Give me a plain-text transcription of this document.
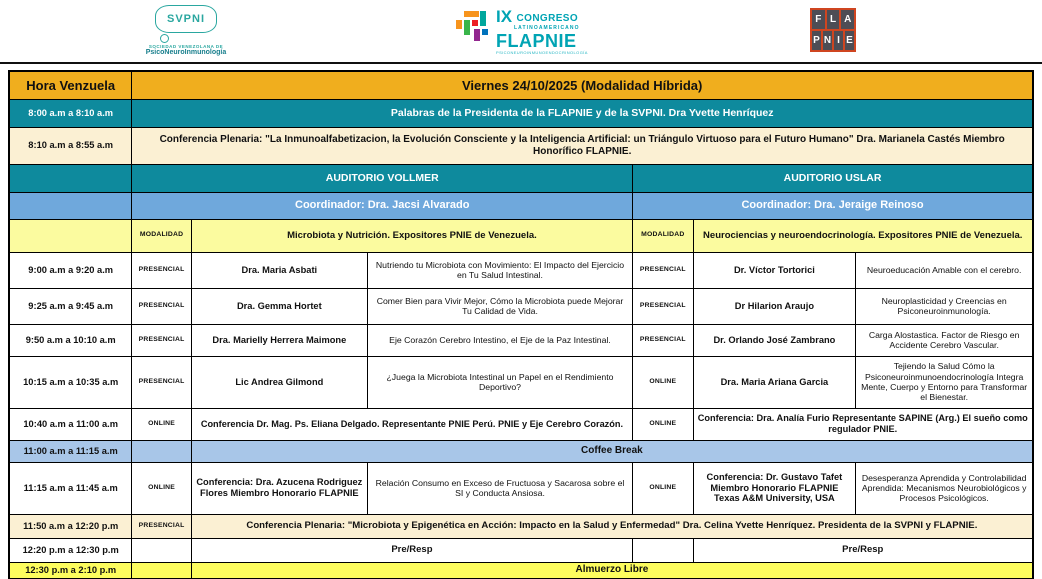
SVPNI
SOCIEDAD VENEZOLANA DE
PsicoNeuroInmunología
IX CONGRESO
LATINOAMERICANO
FLAPNIE
PSICONEUROINMUNOENDOCRINOLOGÍA
F L A
P N I E
Hora Venzuela	Viernes 24/10/2025 (Modalidad Híbrida)					
8:00 a.m a 8:10 a.m	Palabras de la Presidenta de la FLAPNIE y de la SVPNI. Dra Yvette Henríquez					
8:10 a.m a 8:55 a.m	Conferencia Plenaria: "La Inmunoalfabetizacion, la Evolución Consciente y la Inteligencia Artificial: un Triángulo Virtuoso para el Futuro Humano" Dra. Marianela Castés Miembro Honorífico FLAPNIE.					
	AUDITORIO VOLLMER			AUDITORIO USLAR		
	Coordinador: Dra. Jacsi Alvarado			Coordinador: Dra. Jeraige Reinoso		
	MODALIDAD	Microbiota y Nutrición. Expositores PNIE de Venezuela.		MODALIDAD	Neurociencias y neuroendocrinología. Expositores PNIE de Venezuela.	
9:00 a.m a 9:20 a.m	PRESENCIAL	Dra. Maria Asbati	Nutriendo tu Microbiota con Movimiento: El Impacto del Ejercicio en Tu Salud Intestinal.	PRESENCIAL	Dr. Víctor Tortorici	Neuroeducación Amable con el cerebro.
9:25 a.m a 9:45 a.m	PRESENCIAL	Dra. Gemma Hortet	Comer Bien para Vivir Mejor, Cómo la Microbiota puede Mejorar Tu Calidad de Vida.	PRESENCIAL	Dr Hilarion Araujo	Neuroplasticidad y Creencias en Psiconeuroinmunología.
9:50 a.m a 10:10 a.m	PRESENCIAL	Dra. Marielly Herrera Maimone	Eje Corazón Cerebro Intestino, el Eje de la Paz Intestinal.	PRESENCIAL	Dr. Orlando José Zambrano	Carga Alostastica. Factor de Riesgo en Accidente Cerebro Vascular.
10:15 a.m a 10:35 a.m	PRESENCIAL	Lic Andrea Gilmond	¿Juega la Microbiota Intestinal un Papel en el Rendimiento Deportivo?	ONLINE	Dra. Maria Ariana Garcia	Tejiendo la Salud Cómo la Psiconeuroinmunoendocrinología Integra Mente, Cuerpo y Entorno para Transformar el Bienestar.
10:40 a.m a 11:00 a.m	ONLINE	Conferencia Dr. Mag. Ps. Eliana Delgado. Representante PNIE Perú. PNIE y Eje Cerebro Corazón.		ONLINE	Conferencia: Dra. Analía Furio Representante SAPINE (Arg.) El sueño como regulador PNIE.	
11:00 a.m a 11:15 a.m		Coffee Break				
11:15 a.m a 11:45 a.m	ONLINE	Conferencia: Dra. Azucena Rodriguez Flores Miembro Honorario FLAPNIE	Relación Consumo en Exceso de Fructuosa y Sacarosa sobre el SI y Conducta Ansiosa.	ONLINE	Conferencia: Dr. Gustavo Tafet Miembro Honorario FLAPNIE Texas A&M University, USA	Desesperanza Aprendida y Controlabilidad Aprendida: Mecanismos Neurobiológicos y Procesos Psicológicos.
11:50 a.m a 12:20 p.m	PRESENCIAL	Conferencia Plenaria: "Microbiota y Epigenética en Acción: Impacto en la Salud y Enfermedad" Dra. Celina Yvette Henríquez. Presidenta de la SVPNI y FLAPNIE.				
12:20 p.m a 12:30 p.m		Pre/Resp			Pre/Resp	
12:30 p.m a 2:10 p.m		Almuerzo Libre				
